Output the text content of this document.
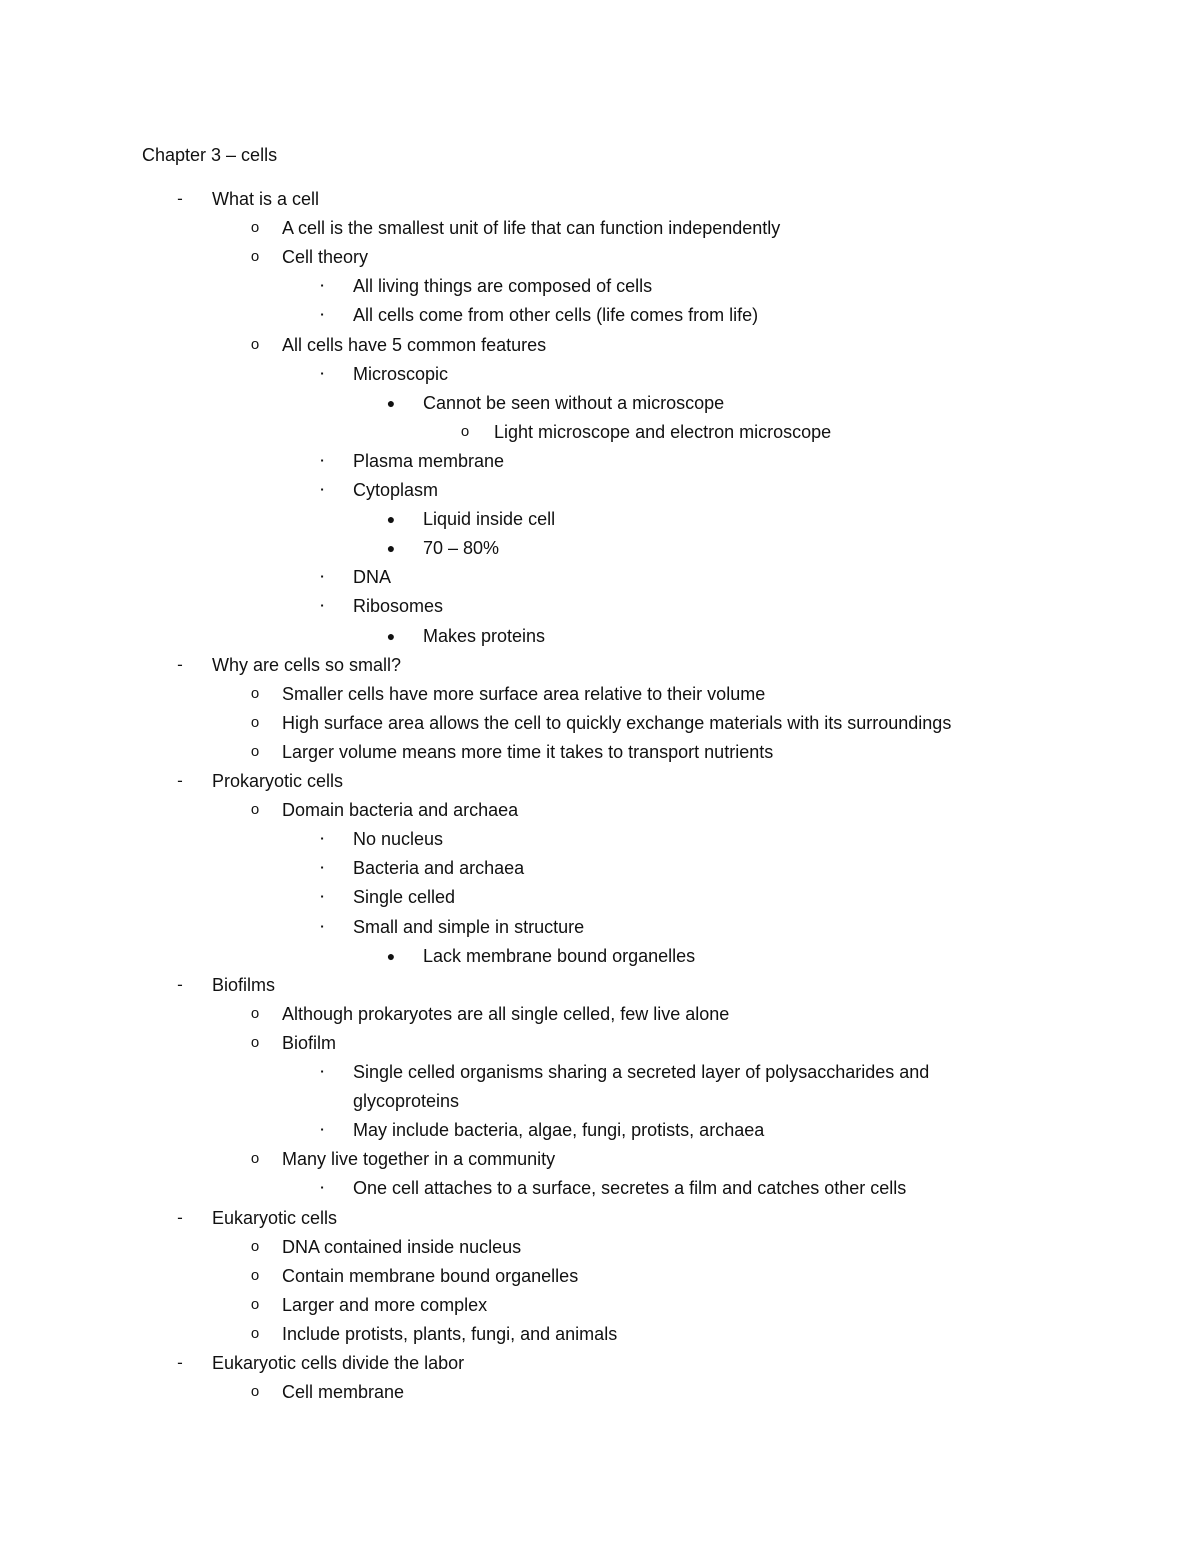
Chapter 3 – cells
-	What is a cell
o	A cell is the smallest unit of life that can function independently
o	Cell theory
▪	All living things are composed of cells
▪	All cells come from other cells (life comes from life)
o	All cells have 5 common features
▪	Microscopic
●	Cannot be seen without a microscope
o	Light microscope and electron microscope
▪	Plasma membrane
▪	Cytoplasm
●	Liquid inside cell
●	70 – 80%
▪	DNA
▪	Ribosomes
●	Makes proteins
-	Why are cells so small?
o	Smaller cells have more surface area relative to their volume
o	High surface area allows the cell to quickly exchange materials with its surroundings
o	Larger volume means more time it takes to transport nutrients
-	Prokaryotic cells
o	Domain bacteria and archaea
▪	No nucleus
▪	Bacteria and archaea
▪	Single celled
▪	Small and simple in structure
●	Lack membrane bound organelles
-	Biofilms
o	Although prokaryotes are all single celled, few live alone
o	Biofilm
▪	Single celled organisms sharing a secreted layer of polysaccharides and
glycoproteins
▪	May include bacteria, algae, fungi, protists, archaea
o	Many live together in a community
▪	One cell attaches to a surface, secretes a film and catches other cells
-	Eukaryotic cells
o	DNA contained inside nucleus
o	Contain membrane bound organelles
o	Larger and more complex
o	Include protists, plants, fungi, and animals
-	Eukaryotic cells divide the labor
o	Cell membrane
